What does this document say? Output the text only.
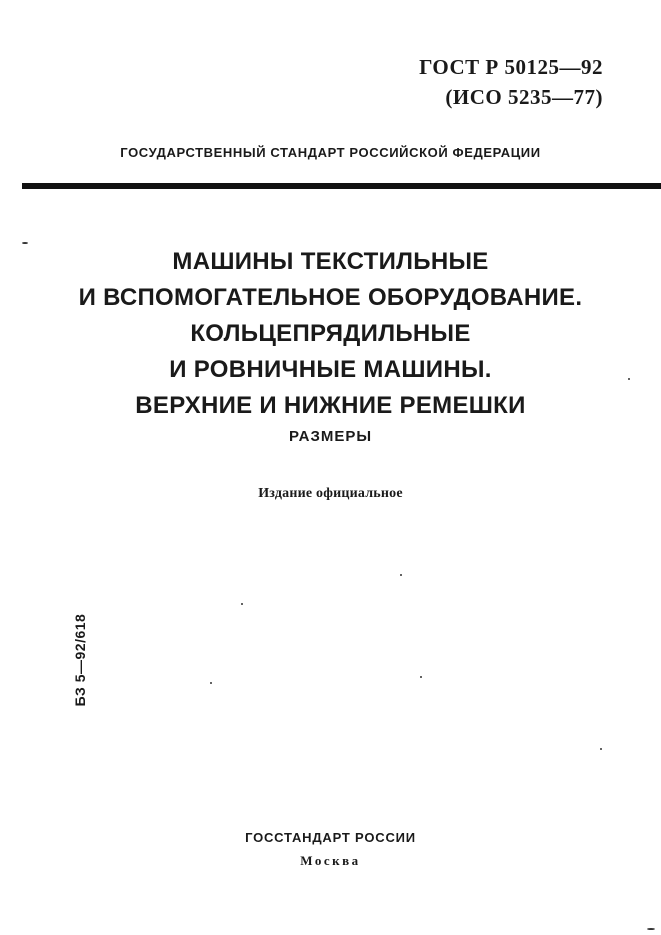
ГОСТ Р 50125—92
(ИСО 5235—77)
ГОСУДАРСТВЕННЫЙ СТАНДАРТ РОССИЙСКОЙ ФЕДЕРАЦИИ
МАШИНЫ ТЕКСТИЛЬНЫЕ
И ВСПОМОГАТЕЛЬНОЕ ОБОРУДОВАНИЕ.
КОЛЬЦЕПРЯДИЛЬНЫЕ
И РОВНИЧНЫЕ МАШИНЫ.
ВЕРХНИЕ И НИЖНИЕ РЕМЕШКИ
РАЗМЕРЫ
Издание официальное
БЗ 5—92/618
ГОССТАНДАРТ РОССИИ
Москва
